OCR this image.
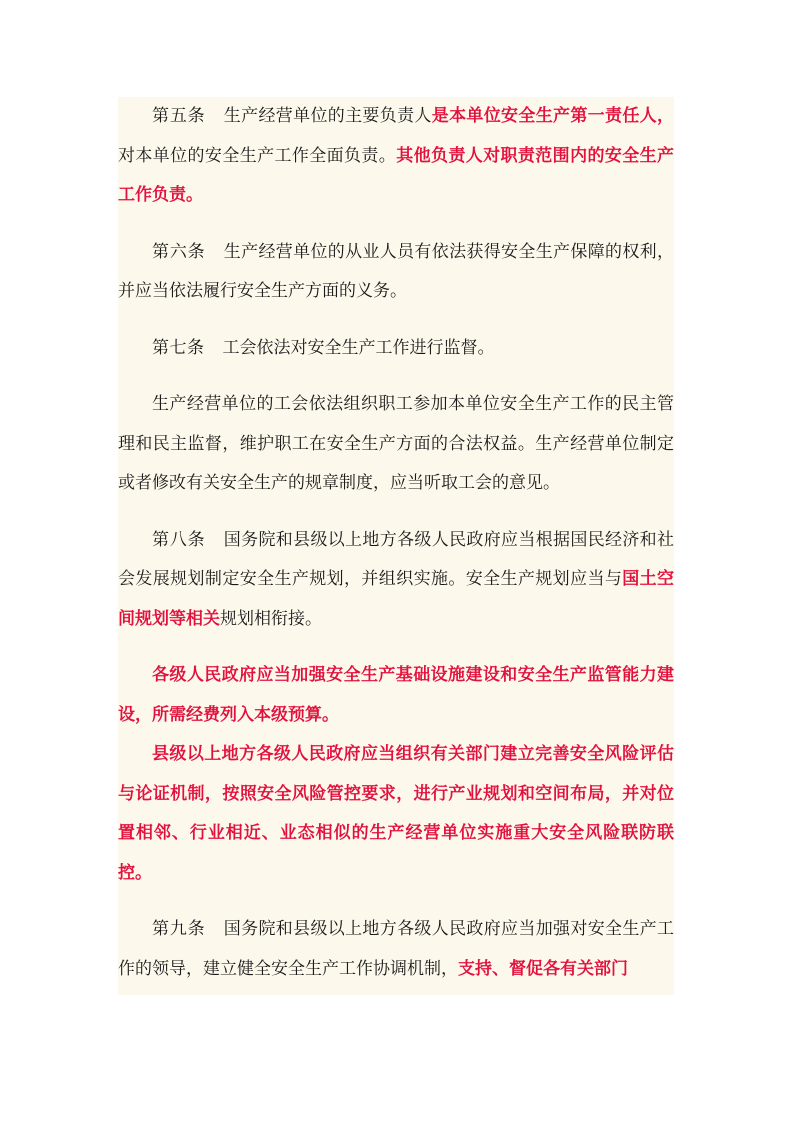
第五条 生产经营单位的主要负责人是本单位安全生产第一责任人，对本单位的安全生产工作全面负责。其他负责人对职责范围内的安全生产工作负责。

第六条 生产经营单位的从业人员有依法获得安全生产保障的权利，并应当依法履行安全生产方面的义务。

第七条 工会依法对安全生产工作进行监督。

生产经营单位的工会依法组织职工参加本单位安全生产工作的民主管理和民主监督，维护职工在安全生产方面的合法权益。生产经营单位制定或者修改有关安全生产的规章制度，应当听取工会的意见。

第八条 国务院和县级以上地方各级人民政府应当根据国民经济和社会发展规划制定安全生产规划，并组织实施。安全生产规划应当与国土空间规划等相关规划相衔接。

各级人民政府应当加强安全生产基础设施建设和安全生产监管能力建设，所需经费列入本级预算。

县级以上地方各级人民政府应当组织有关部门建立完善安全风险评估与论证机制，按照安全风险管控要求，进行产业规划和空间布局，并对位置相邻、行业相近、业态相似的生产经营单位实施重大安全风险联防联控。

第九条 国务院和县级以上地方各级人民政府应当加强对安全生产工作的领导，建立健全安全生产工作协调机制，支持、督促各有关部门
